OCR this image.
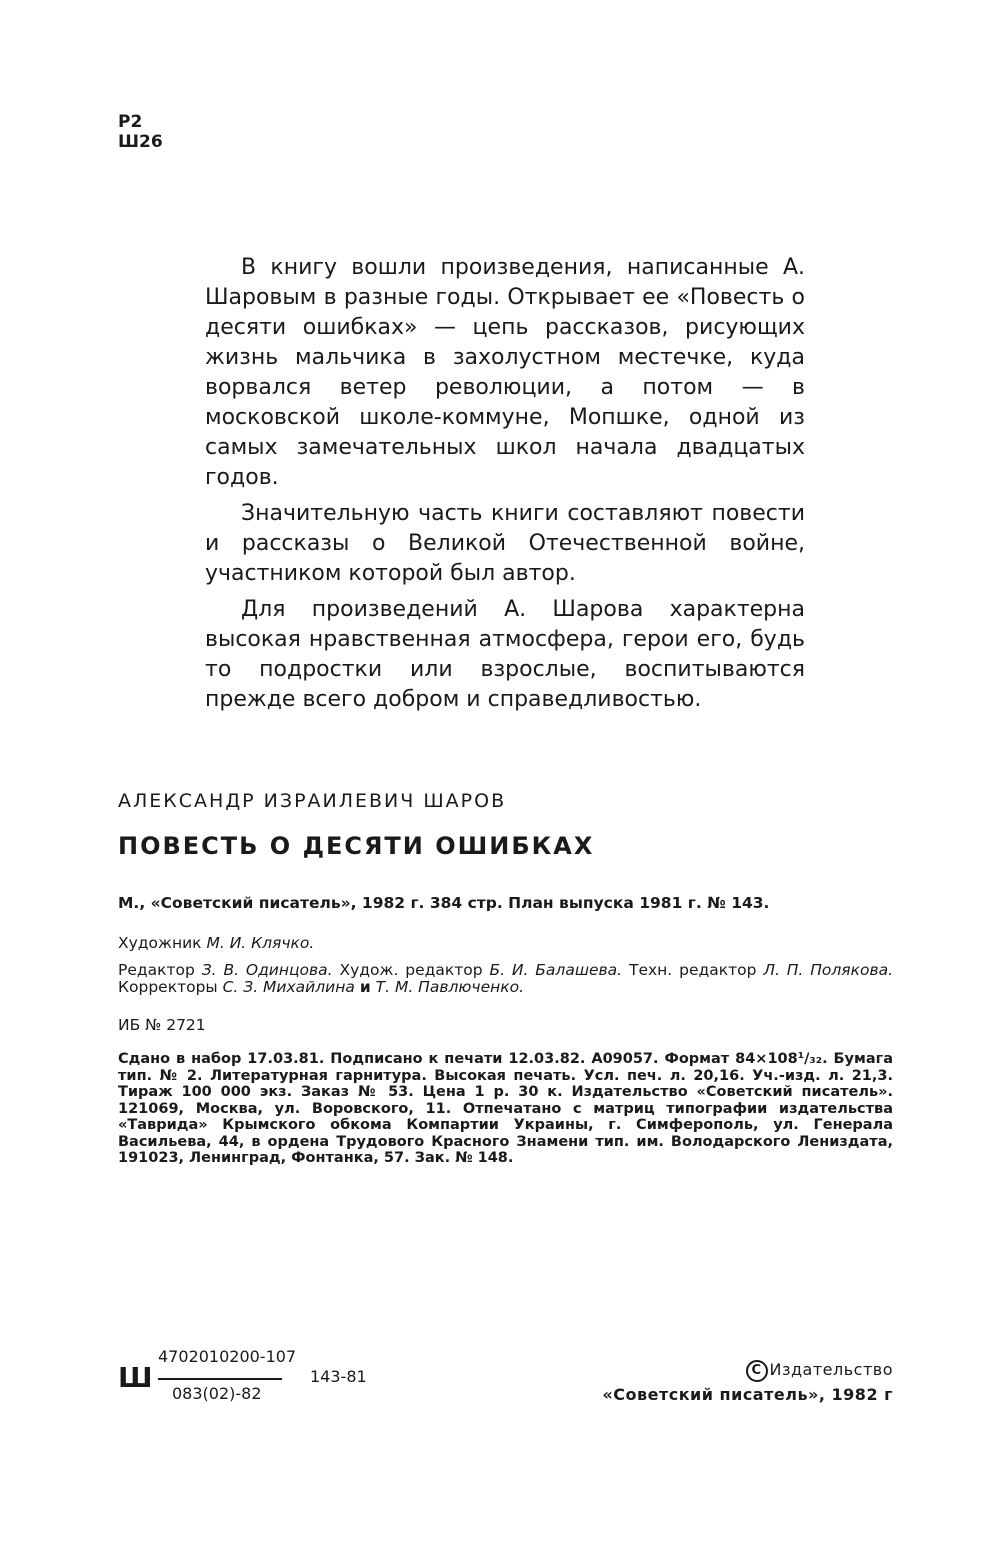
Р2
Ш26

В книгу вошли произведения, написанные А. Шаровым в разные годы. Открывает ее «Повесть о десяти ошибках» — цепь рассказов, рисующих жизнь мальчика в захолустном местечке, куда ворвался ветер революции, а потом — в московской школе-коммуне, Мопшке, одной из самых замечательных школ начала двадцатых годов.

Значительную часть книги составляют повести и рассказы о Великой Отечественной войне, участником которой был автор.

Для произведений А. Шарова характерна высокая нравственная атмосфера, герои его, будь то подростки или взрослые, воспитываются прежде всего добром и справедливостью.

АЛЕКСАНДР ИЗРАИЛЕВИЧ ШАРОВ
ПОВЕСТЬ О ДЕСЯТИ ОШИБКАХ
М., «Советский писатель», 1982 г. 384 стр. План выпуска 1981 г. № 143.
Художник М. И. Клячко.
Редактор З. В. Одинцова. Худож. редактор Б. И. Балашева. Техн. редактор Л. П. Полякова. Корректоры С. З. Михайлина и Т. М. Павлюченко.
ИБ № 2721
Сдано в набор 17.03.81. Подписано к печати 12.03.82. А09057. Формат 84×108¹/₃₂. Бумага тип. № 2. Литературная гарнитура. Высокая печать. Усл. печ. л. 20,16. Уч.-изд. л. 21,3. Тираж 100 000 экз. Заказ № 53. Цена 1 р. 30 к. Издательство «Советский писатель». 121069, Москва, ул. Воровского, 11. Отпечатано с матриц типографии издательства «Таврида» Крымского обкома Компартии Украины, г. Симферополь, ул. Генерала Васильева, 44, в ордена Трудового Красного Знамени тип. им. Володарского Лениздата, 191023, Ленинград, Фонтанка, 57. Зак. № 148.
Ш
4702010200-107
083(02)-82
143-81	C Издательство
«Советский писатель», 1982 г
